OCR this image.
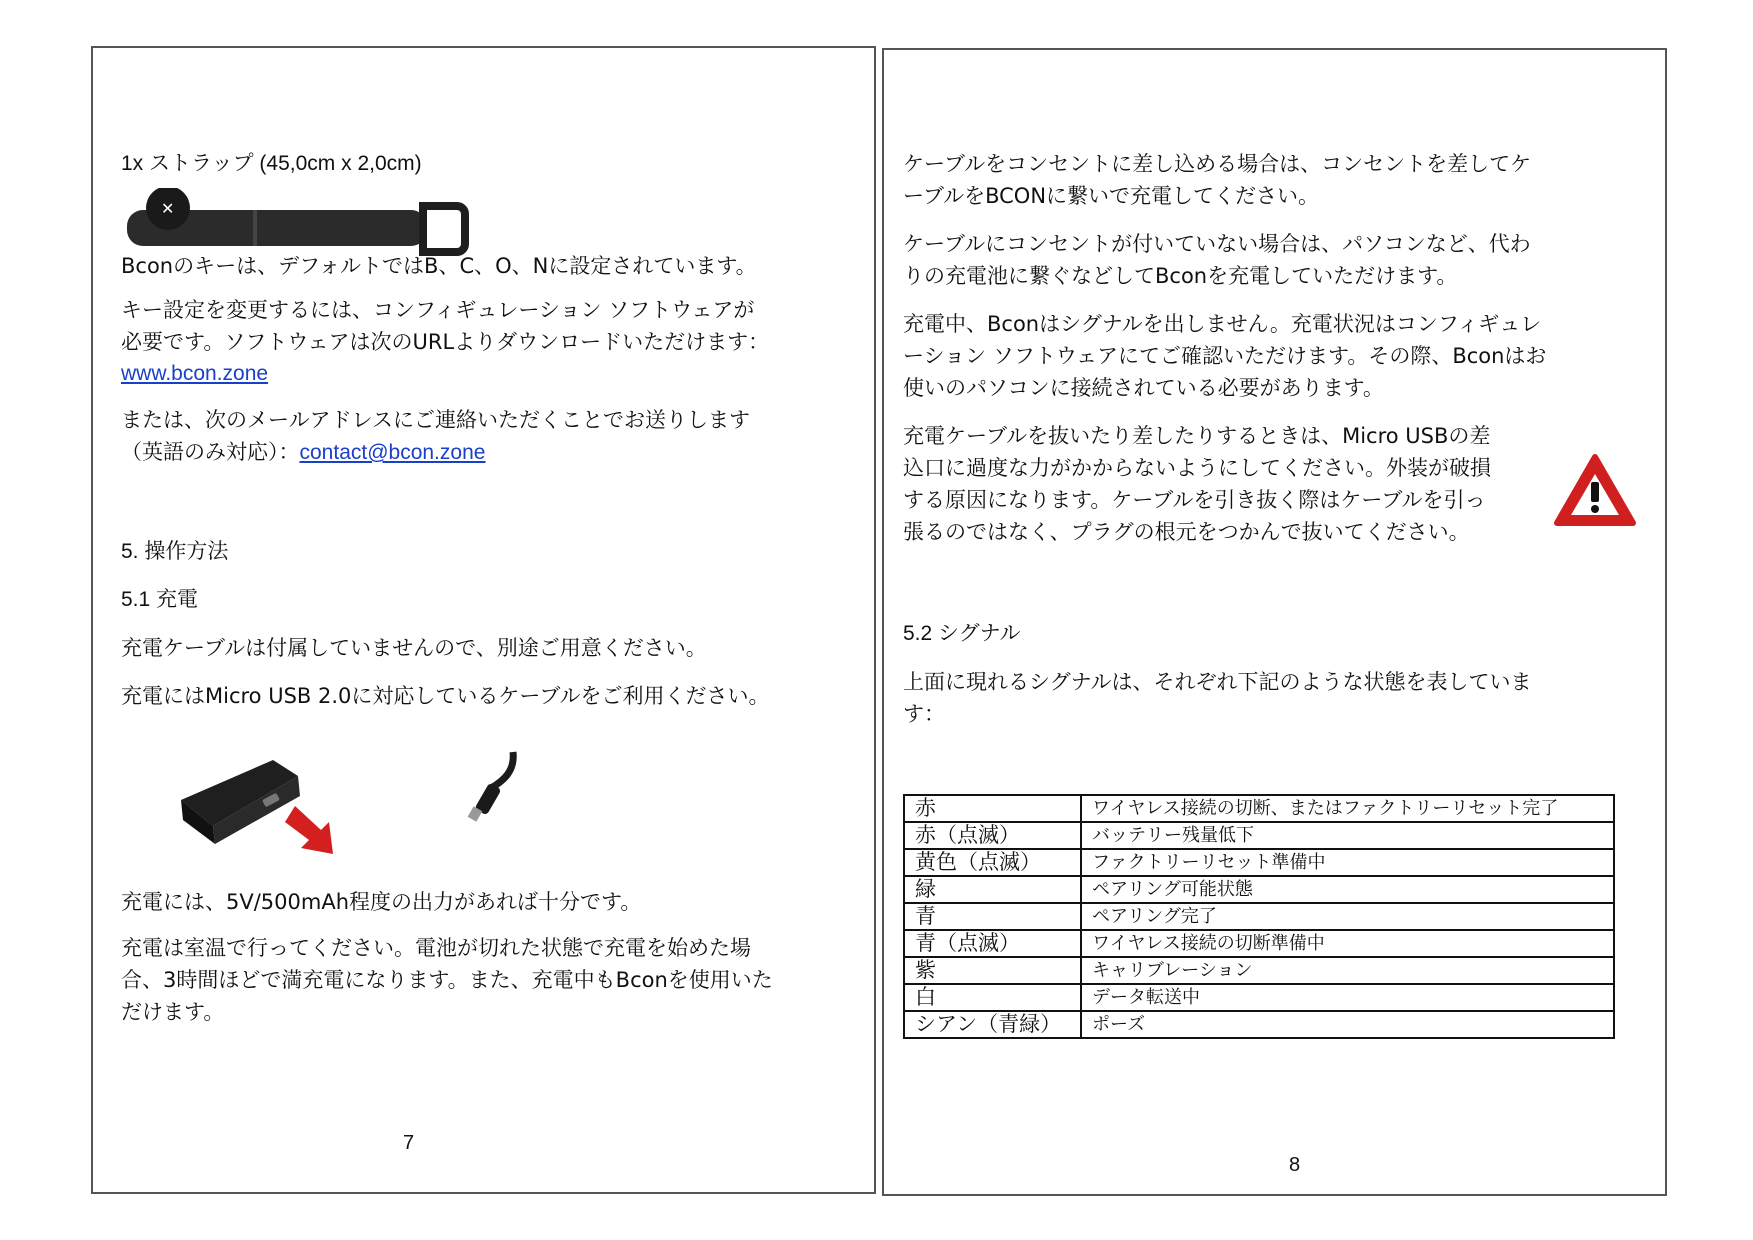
1x ストラップ (45,0cm x 2,0cm)
✕
Bconのキーは、デフォルトではB、C、O、Nに設定されています。
キー設定を変更するには、コンフィギュレーション ソフトウェアが
必要です。ソフトウェアは次のURLよりダウンロードいただけます：
www.bcon.zone
または、次のメールアドレスにご連絡いただくことでお送りします
（英語のみ対応）：contact@bcon.zone
5. 操作方法
5.1 充電
充電ケーブルは付属していませんので、別途ご用意ください。
充電にはMicro USB 2.0に対応しているケーブルをご利用ください。
充電には、5V/500mAh程度の出力があれば十分です。
充電は室温で行ってください。電池が切れた状態で充電を始めた場
合、3時間ほどで満充電になります。また、充電中もBconを使用いた
だけます。
7
ケーブルをコンセントに差し込める場合は、コンセントを差してケ
ーブルをBCONに繋いで充電してください。
ケーブルにコンセントが付いていない場合は、パソコンなど、代わ
りの充電池に繋ぐなどしてBconを充電していただけます。
充電中、Bconはシグナルを出しません。充電状況はコンフィギュレ
ーション ソフトウェアにてご確認いただけます。その際、Bconはお
使いのパソコンに接続されている必要があります。
充電ケーブルを抜いたり差したりするときは、Micro USBの差
込口に過度な力がかからないようにしてください。外装が破損
する原因になります。ケーブルを引き抜く際はケーブルを引っ
張るのではなく、プラグの根元をつかんで抜いてください。
5.2 シグナル
上面に現れるシグナルは、それぞれ下記のような状態を表していま
す：
赤	ワイヤレス接続の切断、またはファクトリーリセット完了
赤（点滅）	バッテリー残量低下
黄色（点滅）	ファクトリーリセット準備中
緑	ペアリング可能状態
青	ペアリング完了
青（点滅）	ワイヤレス接続の切断準備中
紫	キャリブレーション
白	データ転送中
シアン（青緑）	ポーズ
8
